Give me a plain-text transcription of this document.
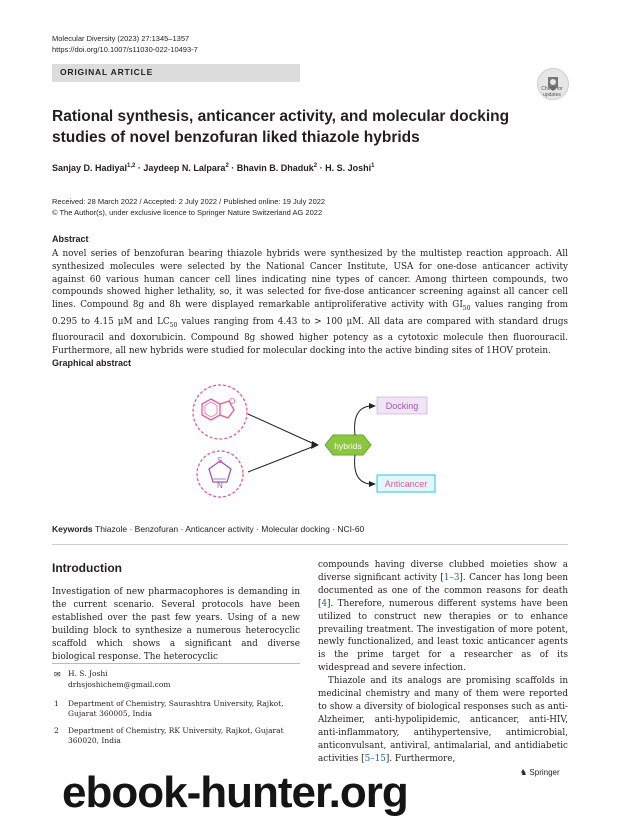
Molecular Diversity (2023) 27:1345–1357
https://doi.org/10.1007/s11030-022-10493-7
ORIGINAL ARTICLE
Check for updates
Rational synthesis, anticancer activity, and molecular docking studies of novel benzofuran liked thiazole hybrids
Sanjay D. Hadiyal$^{1,2}$ · Jaydeep N. Lalpara$^2$ · Bhavin B. Dhaduk$^2$ · H. S. Joshi$^1$
Received: 28 March 2022 / Accepted: 2 July 2022 / Published online: 19 July 2022
© The Author(s), under exclusive licence to Springer Nature Switzerland AG 2022
Abstract
A novel series of benzofuran bearing thiazole hybrids were synthesized by the multistep reaction approach. All synthesized molecules were selected by the National Cancer Institute, USA for one-dose anticancer activity against 60 various human cancer cell lines indicating nine types of cancer. Among thirteen compounds, two compounds showed higher lethality, so, it was selected for five-dose anticancer screening against all cancer cell lines. Compound 8g and 8h were displayed remarkable antiproliferative activity with $GI_{50}$ values ranging from 0.295 to 4.15 μM and $LC_{50}$ values ranging from 4.43 to > 100 μM. All data are compared with standard drugs fluorouracil and doxorubicin. Compound 8g showed higher potency as a cytotoxic molecule then fluorouracil. Furthermore, all new hybrids were studied for molecular docking into the active binding sites of 1HOV protein.
Graphical abstract
O
S
N
hybrids
Docking
Anticancer
Keywords Thiazole · Benzofuran · Anticancer activity · Molecular docking · NCI-60
Introduction
Investigation of new pharmacophores is demanding in the current scenario. Several protocols have been established over the past few years. Using of a new building block to synthesize a numerous heterocyclic scaffold which shows a significant and diverse biological response. The heterocyclic

compounds having diverse clubbed moieties show a diverse significant activity [1–3]. Cancer has long been documented as one of the common reasons for death [4]. Therefore, numerous different systems have been utilized to construct new therapies or to enhance prevailing treatment. The investigation of more potent, newly functionalized, and least toxic anticancer agents is the prime target for a researcher as of its widespread and severe infection.

Thiazole and its analogs are promising scaffolds in medicinal chemistry and many of them were reported to show a diversity of biological responses such as anti-Alzheimer, anti-hypolipidemic, anticancer, anti-HIV, anti-inflammatory, antihypertensive, antimicrobial, anticonvulsant, antiviral, antimalarial, and antidiabetic activities [5–15]. Furthermore,

✉ H. S. Joshi
drhsjoshichem@gmail.com
1 Department of Chemistry, Saurashtra University, Rajkot, Gujarat 360005, India
2 Department of Chemistry, RK University, Rajkot, Gujarat 360020, India
♞ Springer
ebook-hunter.org
